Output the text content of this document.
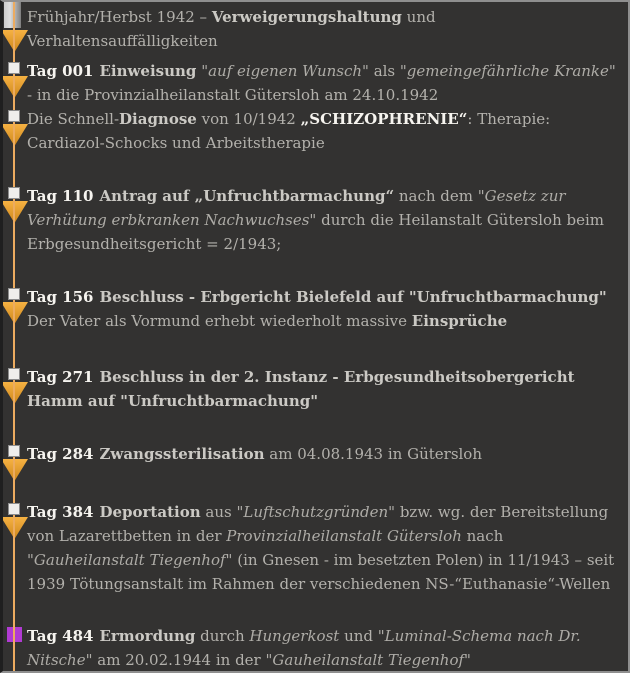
Frühjahr/Herbst 1942 – Verweigerungshaltung und Verhaltensauffälligkeiten
Tag 001 Einweisung "auf eigenen Wunsch" als "gemeingefährliche Kranke" - in die Provinzialheilanstalt Gütersloh am 24.10.1942
Die Schnell-Diagnose von 10/1942 „SCHIZOPHRENIE“: Therapie: Cardiazol-Schocks und Arbeitstherapie
Tag 110 Antrag auf „Unfruchtbarmachung“ nach dem "Gesetz zur Verhütung erbkranken Nachwuchses" durch die Heilanstalt Gütersloh beim Erbgesundheitsgericht = 2/1943;
Tag 156 Beschluss - Erbgericht Bielefeld auf "Unfruchtbarmachung"
Der Vater als Vormund erhebt wiederholt massive Einsprüche
Tag 271 Beschluss in der 2. Instanz - Erbgesundheitsobergericht Hamm auf "Unfruchtbarmachung"
Tag 284 Zwangssterilisation am 04.08.1943 in Gütersloh
Tag 384 Deportation aus "Luftschutzgründen" bzw. wg. der Bereitstellung von Lazarettbetten in der Provinzialheilanstalt Gütersloh nach "Gauheilanstalt Tiegenhof" (in Gnesen - im besetzten Polen) in 11/1943 – seit 1939 Tötungsanstalt im Rahmen der verschiedenen NS-“Euthanasie“-Wellen
Tag 484 Ermordung durch Hungerkost und "Luminal-Schema nach Dr. Nitsche" am 20.02.1944 in der "Gauheilanstalt Tiegenhof"
